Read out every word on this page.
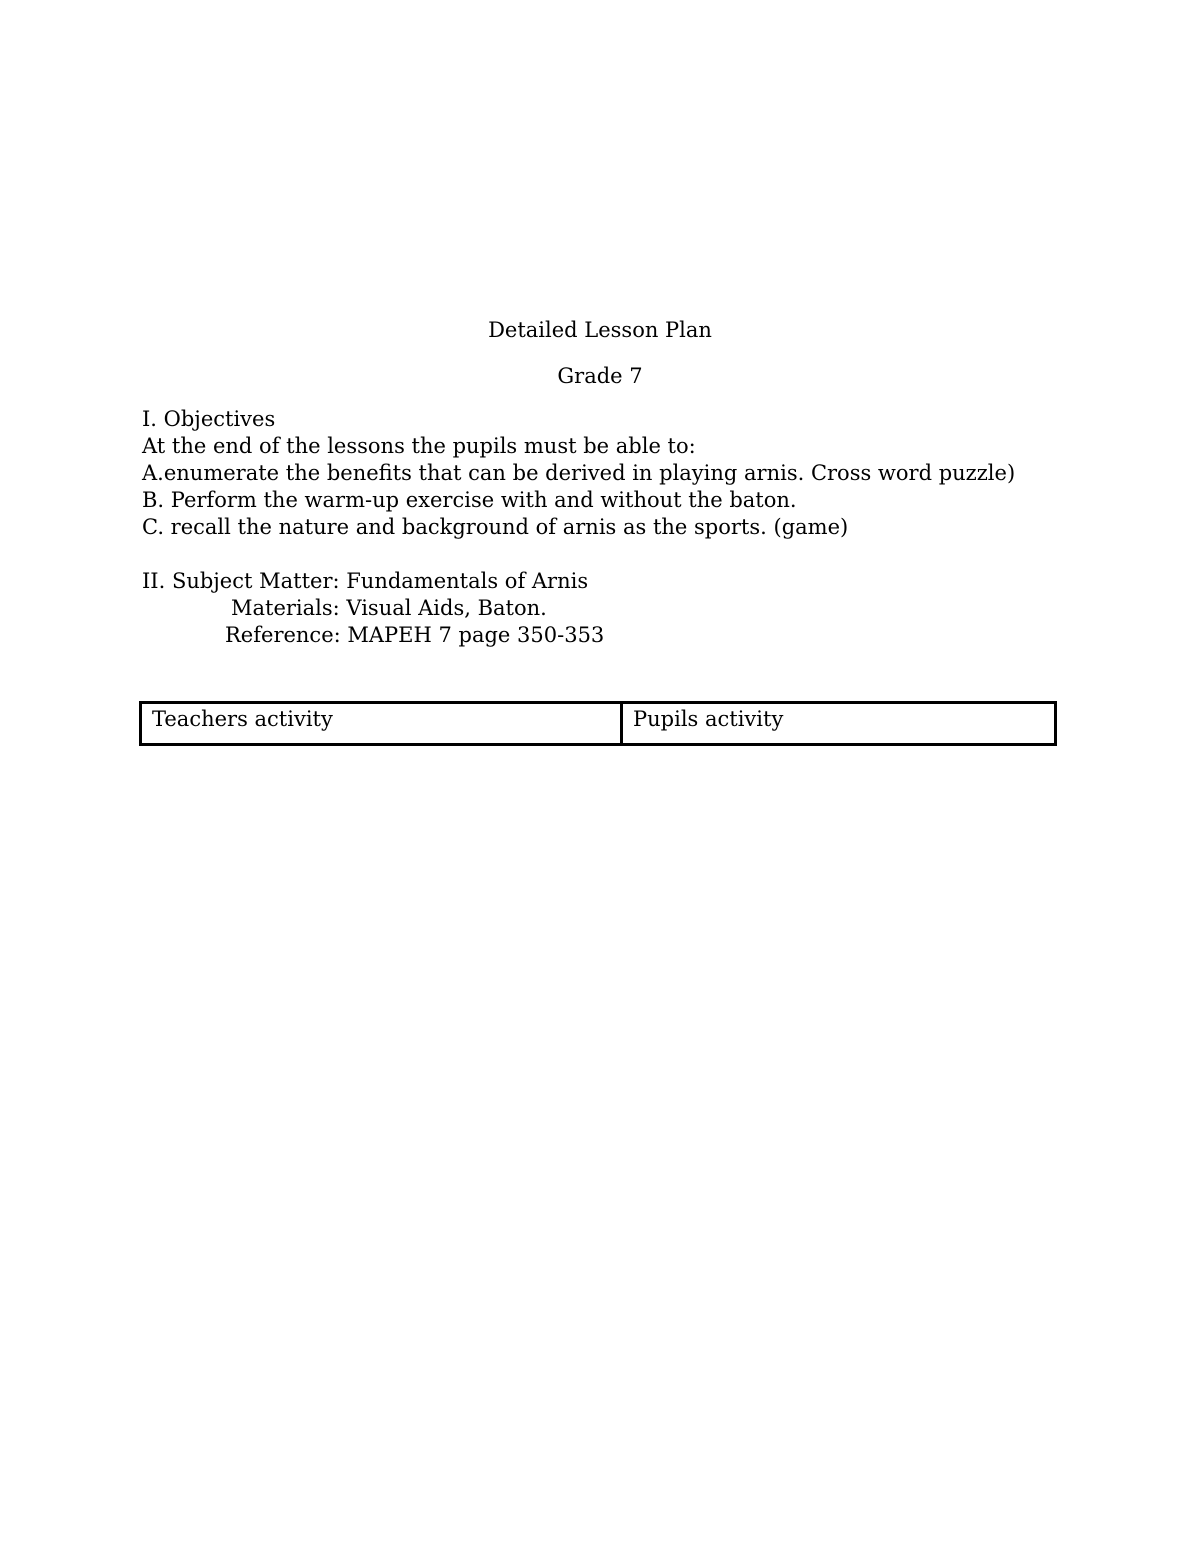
Detailed Lesson Plan
Grade 7
I. Objectives
At the end of the lessons the pupils must be able to:
A.enumerate the benefits that can be derived in playing arnis. Cross word puzzle)
B. Perform the warm-up exercise with and without the baton.
C. recall the nature and background of arnis as the sports. (game)
II. Subject Matter: Fundamentals of Arnis
Materials: Visual Aids, Baton.
Reference: MAPEH 7 page 350-353
Teachers activity	Pupils activity
